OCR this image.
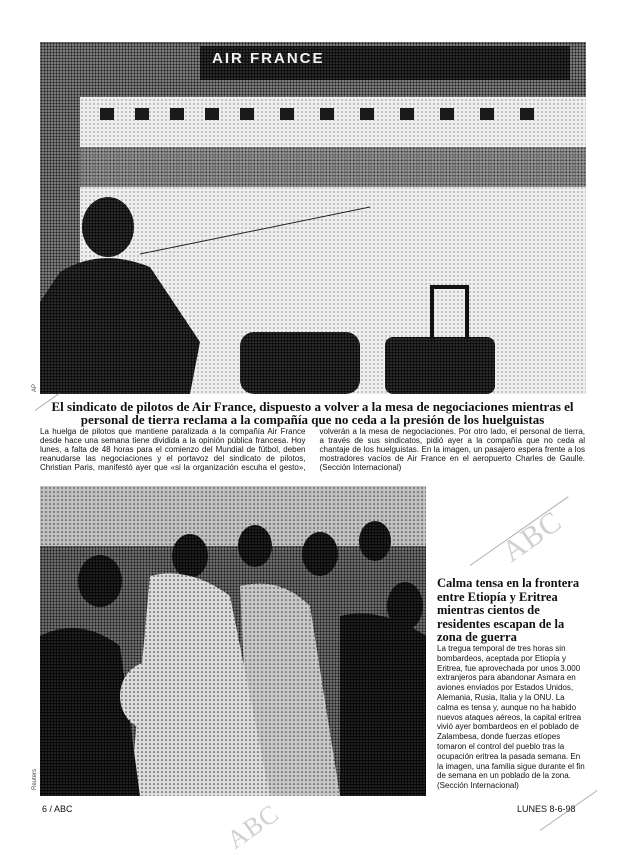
AIR FRANCE
AP
El sindicato de pilotos de Air France, dispuesto a volver a la mesa de negociaciones mientras el personal de tierra reclama a la compañía que no ceda a la presión de los huelguistas

La huelga de pilotos que mantiene paralizada a la compañía Air France desde hace una semana tiene dividida a la opinión pública francesa. Hoy lunes, a falta de 48 horas para el comienzo del Mundial de fútbol, deben reanudarse las negociaciones y el portavoz del sindicato de pilotos, Christian Paris, manifestó ayer que «si la organización escuha el gesto», volverán a la mesa de negociaciones. Por otro lado, el personal de tierra, a través de sus sindicatos, pidió ayer a la compañía que no ceda al chantaje de los huelguistas. En la imagen, un pasajero espera frente a los mostradores vacíos de Air France en el aeropuerto Charles de Gaulle. (Sección Internacional)

Reuters
Calma tensa en la frontera entre Etiopía y Eritrea mientras cientos de residentes escapan de la zona de guerra

La tregua temporal de tres horas sin bombardeos, aceptada por Etiopía y Eritrea, fue aprovechada por unos 3.000 extranjeros para abandonar Asmara en aviones enviados por Estados Unidos, Alemania, Rusia, Italia y la ONU. La calma es tensa y, aunque no ha habido nuevos ataques aéreos, la capital eritrea vivió ayer bombardeos en el poblado de Zalambesa, donde fuerzas etíopes tomaron el control del pueblo tras la ocupación eritrea la pasada semana. En la imagen, una familia sigue durante el fin de semana en un poblado de la zona. (Sección Internacional)

6 / ABC	LUNES 8-6-98
ABC
ABC
